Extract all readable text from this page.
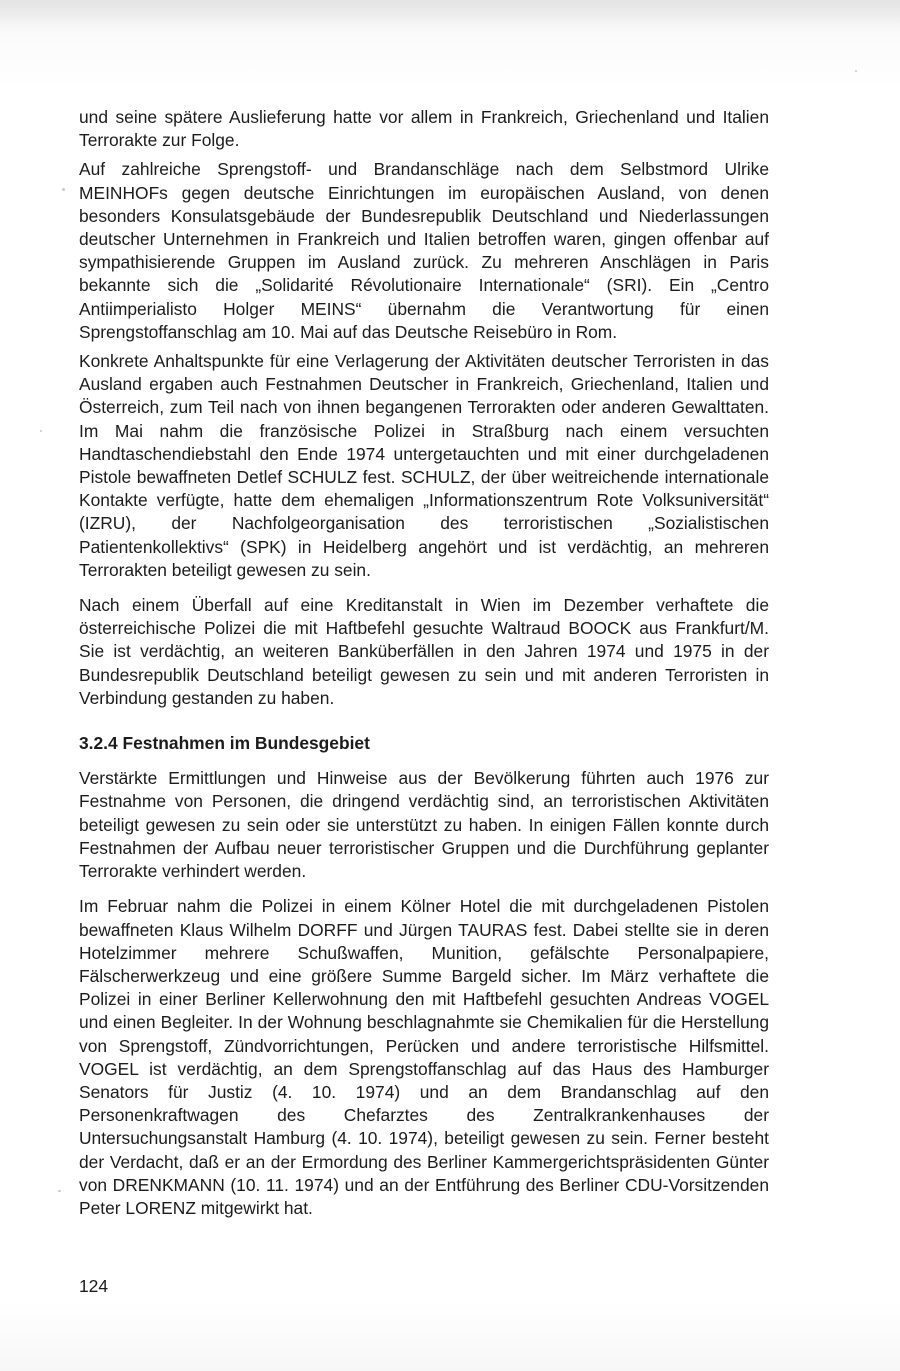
und seine spätere Auslieferung hatte vor allem in Frankreich, Griechenland und Italien Terrorakte zur Folge.

Auf zahlreiche Sprengstoff- und Brandanschläge nach dem Selbstmord Ulrike MEINHOFs gegen deutsche Einrichtungen im europäischen Ausland, von denen besonders Konsulatsgebäude der Bundesrepublik Deutschland und Niederlassungen deutscher Unternehmen in Frankreich und Italien betroffen waren, gingen offenbar auf sympathisierende Gruppen im Ausland zurück. Zu mehreren Anschlägen in Paris bekannte sich die „Solidarité Révolutionaire Internationale“ (SRI). Ein „Centro Antiimperialisto Holger MEINS“ übernahm die Verantwortung für einen Sprengstoffanschlag am 10. Mai auf das Deutsche Reisebüro in Rom.

Konkrete Anhaltspunkte für eine Verlagerung der Aktivitäten deutscher Terroristen in das Ausland ergaben auch Festnahmen Deutscher in Frankreich, Griechenland, Italien und Österreich, zum Teil nach von ihnen begangenen Terrorakten oder anderen Gewalttaten. Im Mai nahm die französische Polizei in Straßburg nach einem versuchten Handtaschendiebstahl den Ende 1974 untergetauchten und mit einer durchgeladenen Pistole bewaffneten Detlef SCHULZ fest. SCHULZ, der über weitreichende internationale Kontakte verfügte, hatte dem ehemaligen „Informationszentrum Rote Volksuniversität“ (IZRU), der Nachfolgeorganisation des terroristischen „Sozialistischen Patientenkollektivs“ (SPK) in Heidelberg angehört und ist verdächtig, an mehreren Terrorakten beteiligt gewesen zu sein.

Nach einem Überfall auf eine Kreditanstalt in Wien im Dezember verhaftete die österreichische Polizei die mit Haftbefehl gesuchte Waltraud BOOCK aus Frankfurt/M. Sie ist verdächtig, an weiteren Banküberfällen in den Jahren 1974 und 1975 in der Bundesrepublik Deutschland beteiligt gewesen zu sein und mit anderen Terroristen in Verbindung gestanden zu haben.

3.2.4 Festnahmen im Bundesgebiet

Verstärkte Ermittlungen und Hinweise aus der Bevölkerung führten auch 1976 zur Festnahme von Personen, die dringend verdächtig sind, an terroristischen Aktivitäten beteiligt gewesen zu sein oder sie unterstützt zu haben. In einigen Fällen konnte durch Festnahmen der Aufbau neuer terroristischer Gruppen und die Durchführung geplanter Terrorakte verhindert werden.

Im Februar nahm die Polizei in einem Kölner Hotel die mit durchgeladenen Pistolen bewaffneten Klaus Wilhelm DORFF und Jürgen TAURAS fest. Dabei stellte sie in deren Hotelzimmer mehrere Schußwaffen, Munition, gefälschte Personalpapiere, Fälscherwerkzeug und eine größere Summe Bargeld sicher. Im März verhaftete die Polizei in einer Berliner Kellerwohnung den mit Haftbefehl gesuchten Andreas VOGEL und einen Begleiter. In der Wohnung beschlagnahmte sie Chemikalien für die Herstellung von Sprengstoff, Zündvorrichtungen, Perücken und andere terroristische Hilfsmittel. VOGEL ist verdächtig, an dem Sprengstoffanschlag auf das Haus des Hamburger Senators für Justiz (4. 10. 1974) und an dem Brandanschlag auf den Personenkraftwagen des Chefarztes des Zentralkrankenhauses der Untersuchungsanstalt Hamburg (4. 10. 1974), beteiligt gewesen zu sein. Ferner besteht der Verdacht, daß er an der Ermordung des Berliner Kammergerichtspräsidenten Günter von DRENKMANN (10. 11. 1974) und an der Entführung des Berliner CDU-Vorsitzenden Peter LORENZ mitgewirkt hat.

124
